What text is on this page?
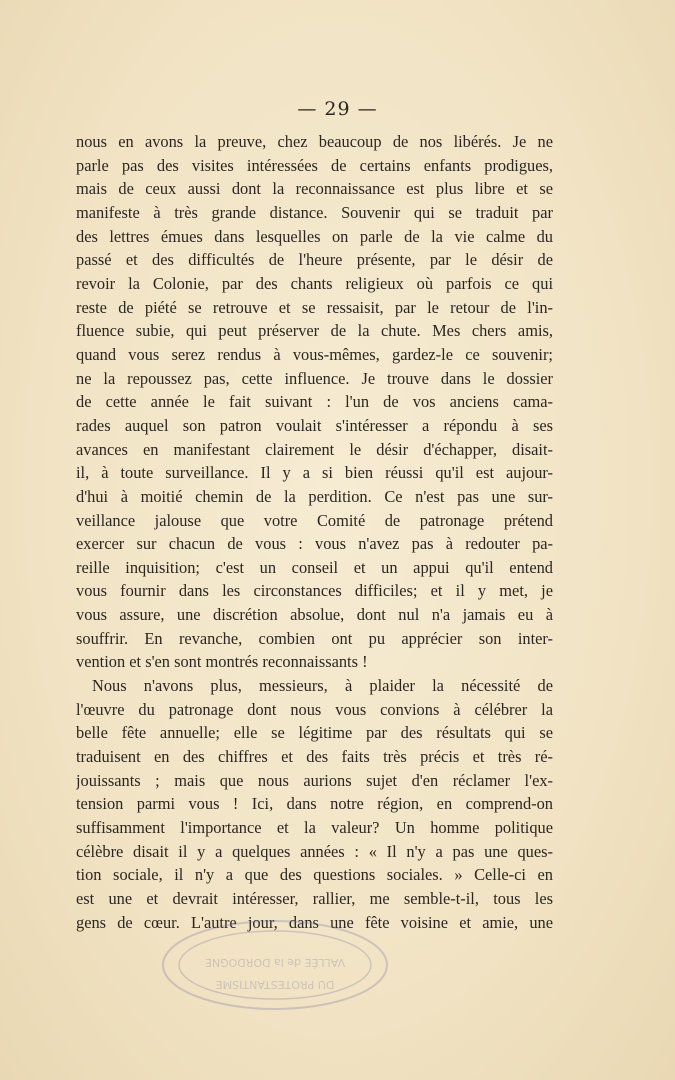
— 29 —
nous en avons la preuve, chez beaucoup de nos libérés. Je ne
parle pas des visites intéressées de certains enfants prodigues,
mais de ceux aussi dont la reconnaissance est plus libre et se
manifeste à très grande distance. Souvenir qui se traduit par
des lettres émues dans lesquelles on parle de la vie calme du
passé et des difficultés de l'heure présente, par le désir de
revoir la Colonie, par des chants religieux où parfois ce qui
reste de piété se retrouve et se ressaisit, par le retour de l'in-
fluence subie, qui peut préserver de la chute. Mes chers amis,
quand vous serez rendus à vous-mêmes, gardez-le ce souvenir;
ne la repoussez pas, cette influence. Je trouve dans le dossier
de cette année le fait suivant : l'un de vos anciens cama-
rades auquel son patron voulait s'intéresser a répondu à ses
avances en manifestant clairement le désir d'échapper, disait-
il, à toute surveillance. Il y a si bien réussi qu'il est aujour-
d'hui à moitié chemin de la perdition. Ce n'est pas une sur-
veillance jalouse que votre Comité de patronage prétend
exercer sur chacun de vous : vous n'avez pas à redouter pa-
reille inquisition; c'est un conseil et un appui qu'il entend
vous fournir dans les circonstances difficiles; et il y met, je
vous assure, une discrétion absolue, dont nul n'a jamais eu à
souffrir. En revanche, combien ont pu apprécier son inter-
vention et s'en sont montrés reconnaissants !
Nous n'avons plus, messieurs, à plaider la nécessité de
l'œuvre du patronage dont nous vous convions à célébrer la
belle fête annuelle; elle se légitime par des résultats qui se
traduisent en des chiffres et des faits très précis et très ré-
jouissants ; mais que nous aurions sujet d'en réclamer l'ex-
tension parmi vous ! Ici, dans notre région, en comprend-on
suffisamment l'importance et la valeur? Un homme politique
célèbre disait il y a quelques années : « Il n'y a pas une ques-
tion sociale, il n'y a que des questions sociales. » Celle-ci en
est une et devrait intéresser, rallier, me semble-t-il, tous les
gens de cœur. L'autre jour, dans une fête voisine et amie, une
VALLÉE de la DORDOGNE
DU PROTESTANTISME
